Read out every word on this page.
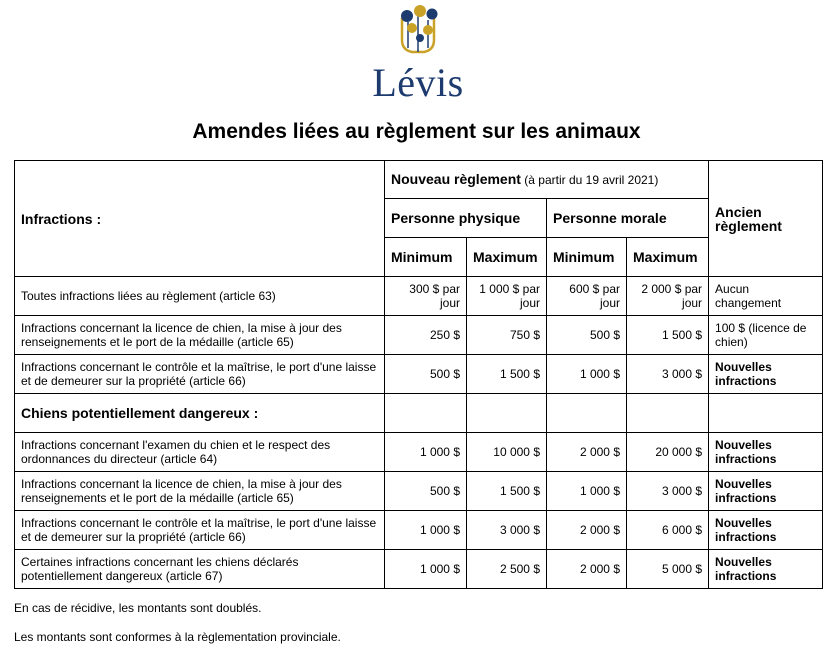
Lévis
Amendes liées au règlement sur les animaux
Infractions :	Nouveau règlement (à partir du 19 avril 2021)				Ancien règlement
	Personne physique		Personne morale		
	Minimum	Maximum	Minimum	Maximum	
Toutes infractions liées au règlement (article 63)	300 $ par jour	1 000 $ par jour	600 $ par jour	2 000 $ par jour	Aucun changement
Infractions concernant la licence de chien, la mise à jour des renseignements et le port de la médaille (article 65)	250 $	750 $	500 $	1 500 $	100 $ (licence de chien)
Infractions concernant le contrôle et la maîtrise, le port d'une laisse et de demeurer sur la propriété (article 66)	500 $	1 500 $	1 000 $	3 000 $	Nouvelles infractions
Chiens potentiellement dangereux :					
Infractions concernant l'examen du chien et le respect des ordonnances du directeur (article 64)	1 000 $	10 000 $	2 000 $	20 000 $	Nouvelles infractions
Infractions concernant la licence de chien, la mise à jour des renseignements et le port de la médaille (article 65)	500 $	1 500 $	1 000 $	3 000 $	Nouvelles infractions
Infractions concernant le contrôle et la maîtrise, le port d'une laisse et de demeurer sur la propriété (article 66)	1 000 $	3 000 $	2 000 $	6 000 $	Nouvelles infractions
Certaines infractions concernant les chiens déclarés potentiellement dangereux (article 67)	1 000 $	2 500 $	2 000 $	5 000 $	Nouvelles infractions
En cas de récidive, les montants sont doublés.
Les montants sont conformes à la règlementation provinciale.
